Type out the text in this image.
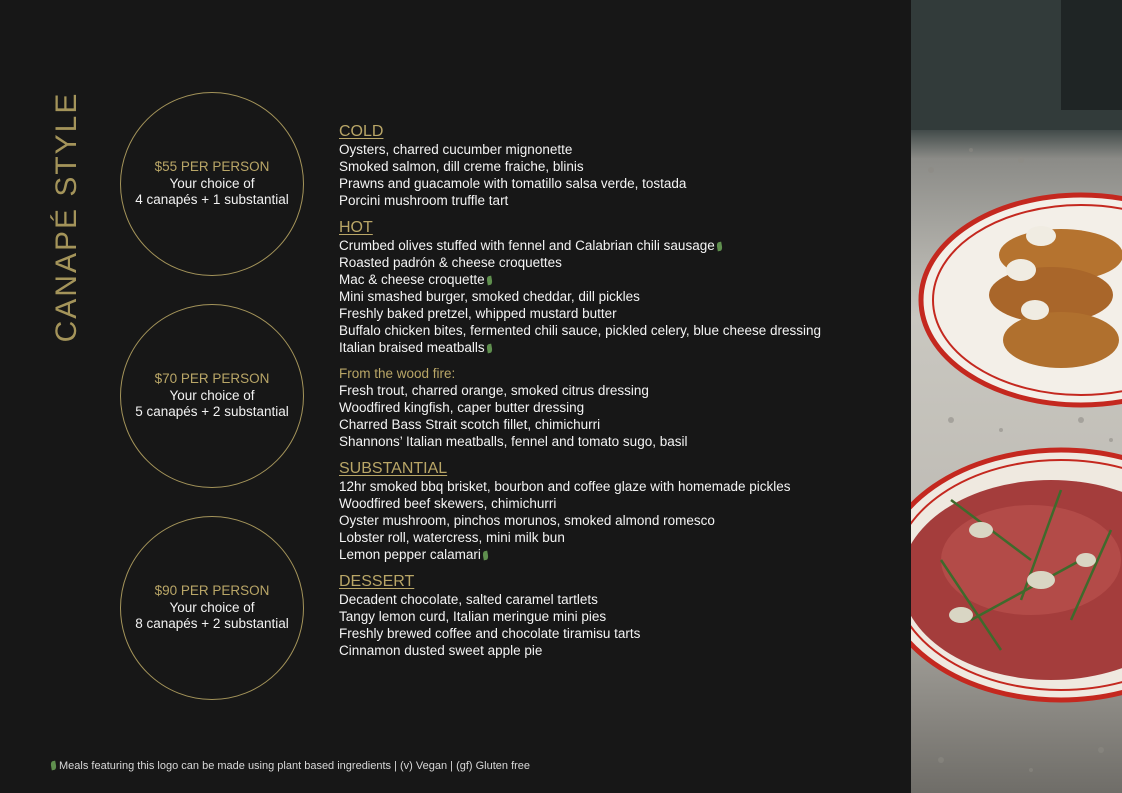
CANAPÉ STYLE	$55 PER PERSON
Your choice of
4 canapés + 1 substantial
$70 PER PERSON
Your choice of
5 canapés + 2 substantial
$90 PER PERSON
Your choice of
8 canapés + 2 substantial
COLD
Oysters, charred cucumber mignonette
Smoked salmon, dill creme fraiche, blinis
Prawns and guacamole with tomatillo salsa verde, tostada
Porcini mushroom truffle tart
HOT
Crumbed olives stuffed with fennel and Calabrian chili sausage
Roasted padrón & cheese croquettes
Mac & cheese croquette
Mini smashed burger, smoked cheddar, dill pickles
Freshly baked pretzel, whipped mustard butter
Buffalo chicken bites, fermented chili sauce, pickled celery, blue cheese dressing
Italian braised meatballs
From the wood fire:
Fresh trout, charred orange, smoked citrus dressing
Woodfired kingfish, caper butter dressing
Charred Bass Strait scotch fillet, chimichurri
Shannons’ Italian meatballs, fennel and tomato sugo, basil
SUBSTANTIAL
12hr smoked bbq brisket, bourbon and coffee glaze with homemade pickles
Woodfired beef skewers, chimichurri
Oyster mushroom, pinchos morunos, smoked almond romesco
Lobster roll, watercress, mini milk bun
Lemon pepper calamari
DESSERT
Decadent chocolate, salted caramel tartlets
Tangy lemon curd, Italian meringue mini pies
Freshly brewed coffee and chocolate tiramisu tarts
Cinnamon dusted sweet apple pie
Meals featuring this logo can be made using plant based ingredients | (v) Vegan | (gf) Gluten free
